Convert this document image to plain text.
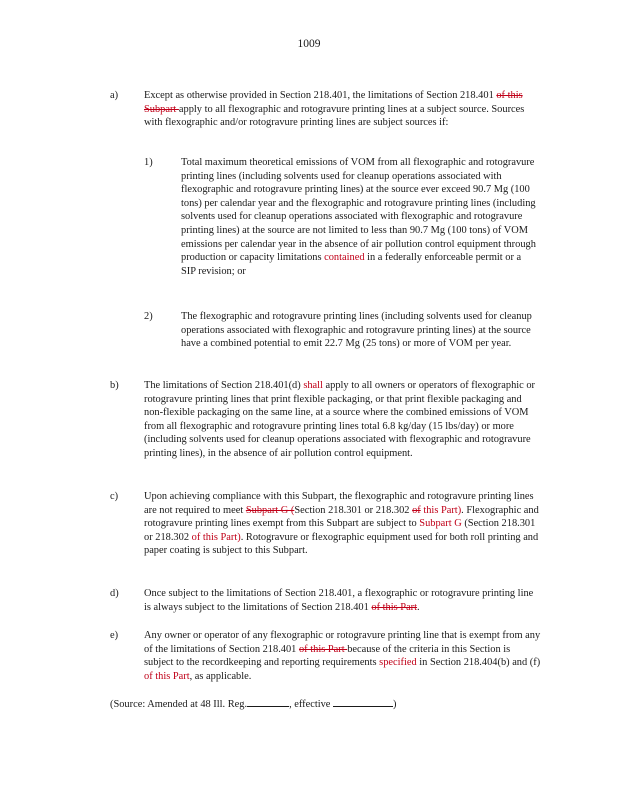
1009
a) Except as otherwise provided in Section 218.401, the limitations of Section 218.401 of this Subpart apply to all flexographic and rotogravure printing lines at a subject source. Sources with flexographic and/or rotogravure printing lines are subject sources if:
1)	Total maximum theoretical emissions of VOM from all flexographic and rotogravure printing lines (including solvents used for cleanup operations associated with flexographic and rotogravure printing lines) at the source ever exceed 90.7 Mg (100 tons) per calendar year and the flexographic and rotogravure printing lines (including solvents used for cleanup operations associated with flexographic and rotogravure printing lines) at the source are not limited to less than 90.7 Mg (100 tons) of VOM emissions per calendar year in the absence of air pollution control equipment through production or capacity limitations contained in a federally enforceable permit or a SIP revision; or
2)	The flexographic and rotogravure printing lines (including solvents used for cleanup operations associated with flexographic and rotogravure printing lines) at the source have a combined potential to emit 22.7 Mg (25 tons) or more of VOM per year.
b) The limitations of Section 218.401(d) shall apply to all owners or operators of flexographic or rotogravure printing lines that print flexible packaging, or that print flexible packaging and non-flexible packaging on the same line, at a source where the combined emissions of VOM from all flexographic and rotogravure printing lines total 6.8 kg/day (15 lbs/day) or more (including solvents used for cleanup operations associated with flexographic and rotogravure printing lines), in the absence of air pollution control equipment.
c) Upon achieving compliance with this Subpart, the flexographic and rotogravure printing lines are not required to meet Subpart G (Section 218.301 or 218.302 of this Part). Flexographic and rotogravure printing lines exempt from this Subpart are subject to Subpart G (Section 218.301 or 218.302 of this Part). Rotogravure or flexographic equipment used for both roll printing and paper coating is subject to this Subpart.
d) Once subject to the limitations of Section 218.401, a flexographic or rotogravure printing line is always subject to the limitations of Section 218.401 of this Part.
e) Any owner or operator of any flexographic or rotogravure printing line that is exempt from any of the limitations of Section 218.401 of this Part because of the criteria in this Section is subject to the recordkeeping and reporting requirements specified in Section 218.404(b) and (f) of this Part, as applicable.
(Source: Amended at 48 Ill. Reg.	, effective	)
